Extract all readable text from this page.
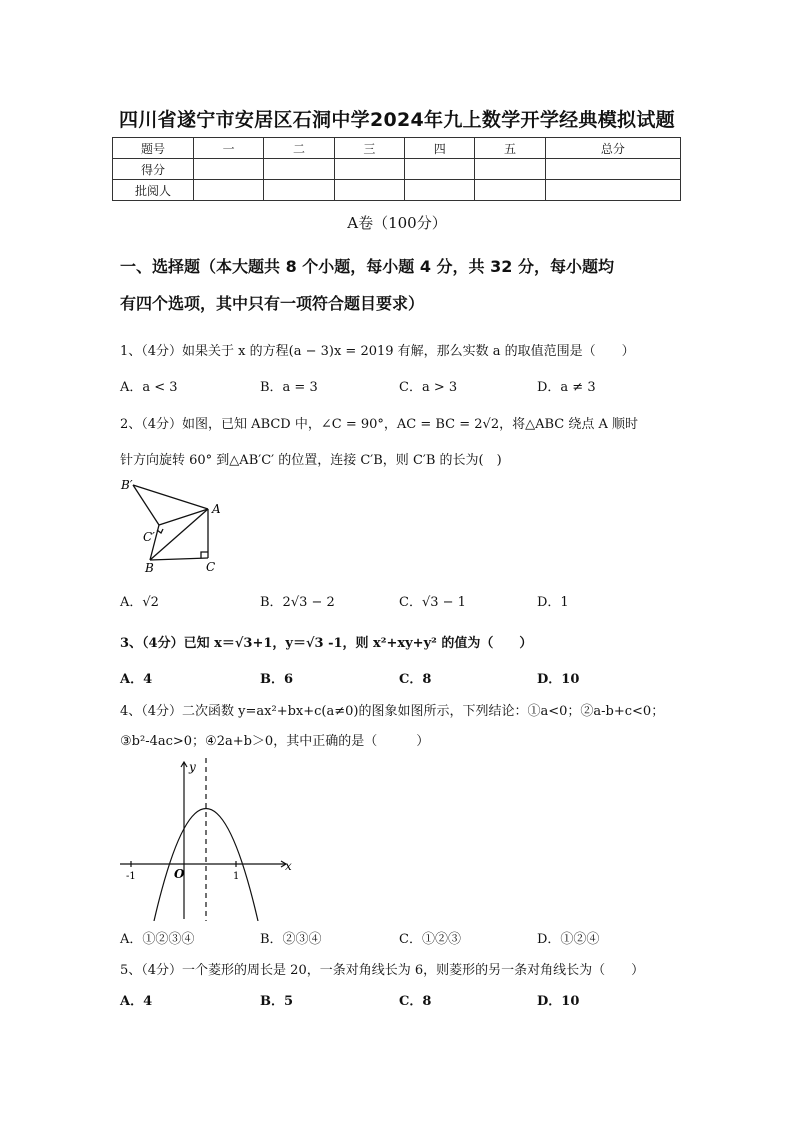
四川省遂宁市安居区石洞中学2024年九上数学开学经典模拟试题
题号	一	二	三	四	五	总分
得分						
批阅人						
A卷（100分）
一、选择题（本大题共 8 个小题，每小题 4 分，共 32 分，每小题均
有四个选项，其中只有一项符合题目要求）
1、（4分）如果关于 x 的方程(a − 3)x = 2019 有解，那么实数 a 的取值范围是（　　）
A．a < 3	B．a = 3	C．a > 3	D．a ≠ 3
2、（4分）如图，已知 ABCD 中，∠C = 90°，AC = BC = 2√2，将△ABC 绕点 A 顺时
针方向旋转 60° 到△AB′C′ 的位置，连接 C′B，则 C′B 的长为(　)
B′
A
C′
B	C
A．√2	B．2√3 − 2	C．√3 − 1	D．1
3、（4分）已知 x＝√3+1，y＝√3 -1，则 x²+xy+y² 的值为（　　）
A．4	B．6	C．8	D．10
4、（4分）二次函数 y=ax²+bx+c(a≠0)的图象如图所示，下列结论：①a<0；②a-b+c<0；
③b²-4ac>0；④2a+b＞0，其中正确的是（　　　）
y
x
O
-1	1
A．①②③④	B．②③④	C．①②③	D．①②④
5、（4分）一个菱形的周长是 20，一条对角线长为 6，则菱形的另一条对角线长为（　　）
A．4	B．5	C．8	D．10
